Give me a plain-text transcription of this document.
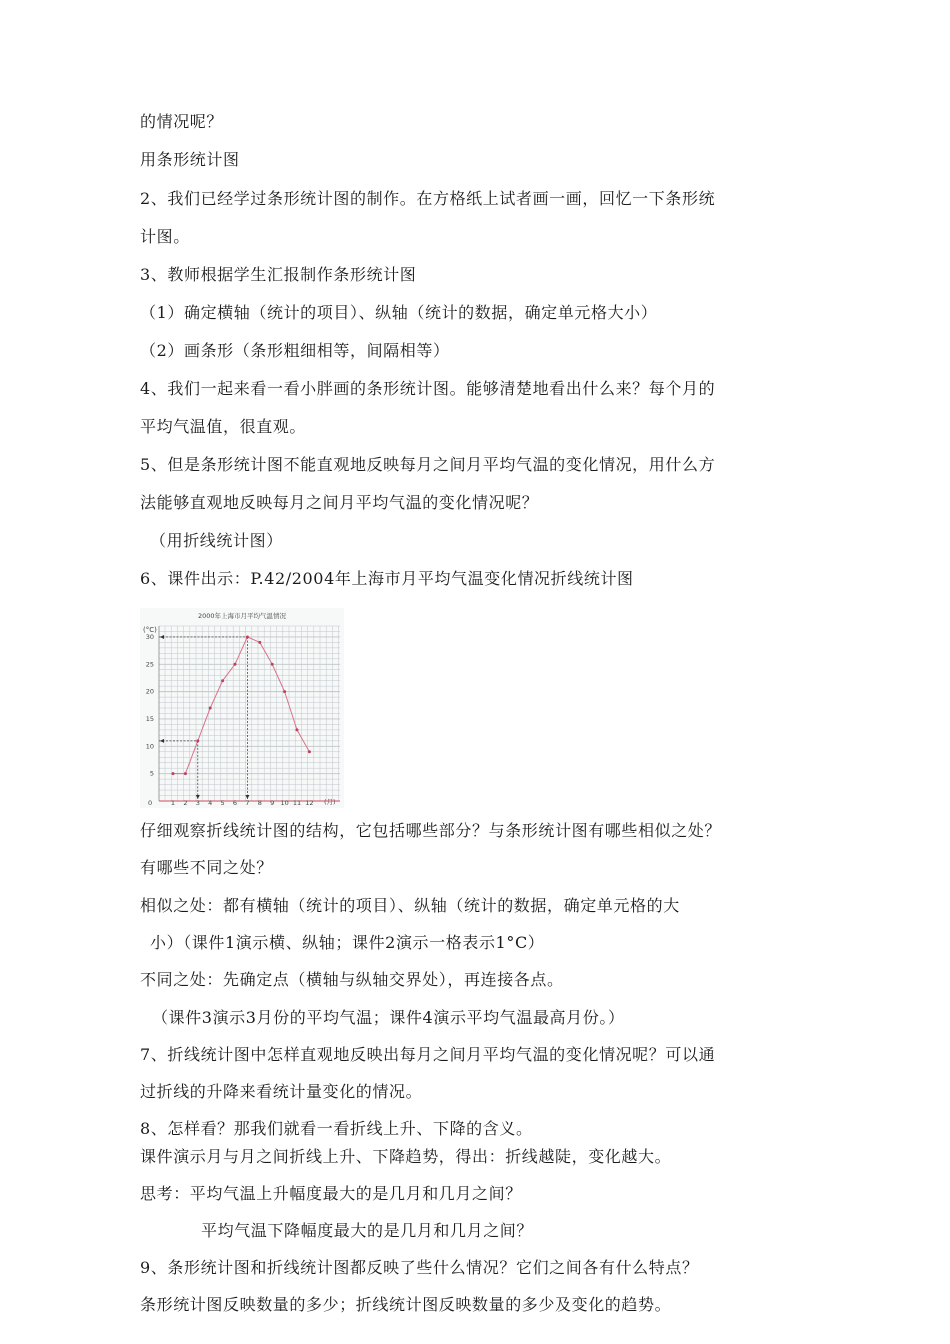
的情况呢？
用条形统计图
2、我们已经学过条形统计图的制作。在方格纸上试者画一画，回忆一下条形统
计图。
3、教师根据学生汇报制作条形统计图
（1）确定横轴（统计的项目）、纵轴（统计的数据，确定单元格大小）
（2）画条形（条形粗细相等，间隔相等）
4、我们一起来看一看小胖画的条形统计图。能够清楚地看出什么来？每个月的
平均气温值，很直观。
5、但是条形统计图不能直观地反映每月之间月平均气温的变化情况，用什么方
法能够直观地反映每月之间月平均气温的变化情况呢？
（用折线统计图）
6、课件出示：P.42/2004年上海市月平均气温变化情况折线统计图
2000年上海市月平均气温情况
(°C)
(月)
0
5
10
15
20
25
30
1 2 3 4 5 6 7 8 9 10 11 12
仔细观察折线统计图的结构，它包括哪些部分？与条形统计图有哪些相似之处？
有哪些不同之处？
相似之处：都有横轴（统计的项目）、纵轴（统计的数据，确定单元格的大
小）（课件1演示横、纵轴；课件2演示一格表示1°C）
不同之处：先确定点（横轴与纵轴交界处），再连接各点。
（课件3演示3月份的平均气温；课件4演示平均气温最高月份。）
7、折线统计图中怎样直观地反映出每月之间月平均气温的变化情况呢？可以通
过折线的升降来看统计量变化的情况。
8、怎样看？那我们就看一看折线上升、下降的含义。
课件演示月与月之间折线上升、下降趋势，得出：折线越陡，变化越大。
思考：平均气温上升幅度最大的是几月和几月之间？
平均气温下降幅度最大的是几月和几月之间？
9、条形统计图和折线统计图都反映了些什么情况？它们之间各有什么特点？
条形统计图反映数量的多少；折线统计图反映数量的多少及变化的趋势。
